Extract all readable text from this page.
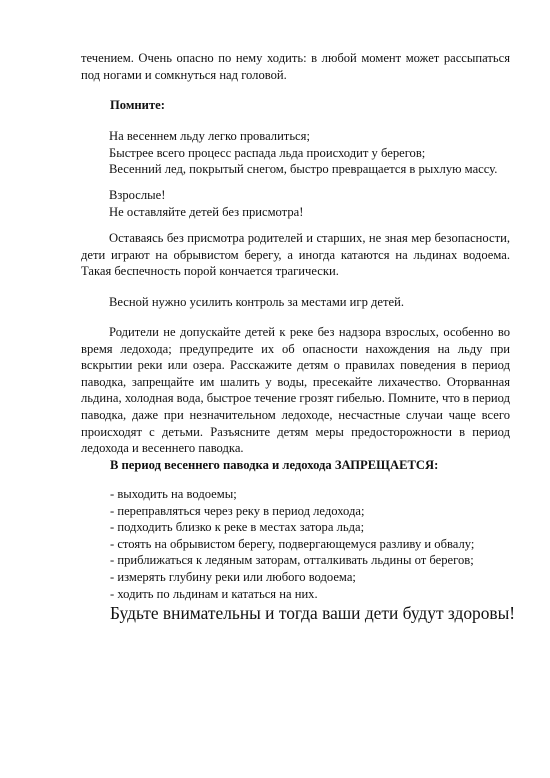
течением. Очень опасно по нему ходить: в любой момент может рассыпаться под ногами и сомкнуться над головой.

Помните:

На весеннем льду легко провалиться;
Быстрее всего процесс распада льда происходит у берегов;
Весенний лед, покрытый снегом, быстро превращается в рыхлую массу.
Взрослые!
Не оставляйте детей без присмотра!

Оставаясь без присмотра родителей и старших, не зная мер безопасности, дети играют на обрывистом берегу, а иногда катаются на льдинах водоема. Такая беспечность порой кончается трагически.

Весной нужно усилить контроль за местами игр детей.

Родители не допускайте детей к реке без надзора взрослых, особенно во время ледохода; предупредите их об опасности нахождения на льду при вскрытии реки или озера. Расскажите детям о правилах поведения в период паводка, запрещайте им шалить у воды, пресекайте лихачество. Оторванная льдина, холодная вода, быстрое течение грозят гибелью. Помните, что в период паводка, даже при незначительном ледоходе, несчастные случаи чаще всего происходят с детьми. Разъясните детям меры предосторожности в период ледохода и весеннего паводка.

В период весеннего паводка и ледохода ЗАПРЕЩАЕТСЯ:

- выходить на водоемы;
- переправляться через реку в период ледохода;
- подходить близко к реке в местах затора льда;
- стоять на обрывистом берегу, подвергающемуся разливу и обвалу;
- приближаться к ледяным заторам, отталкивать льдины от берегов;
- измерять глубину реки или любого водоема;
- ходить по льдинам и кататься на них.

Будьте внимательны и тогда ваши дети будут здоровы!
